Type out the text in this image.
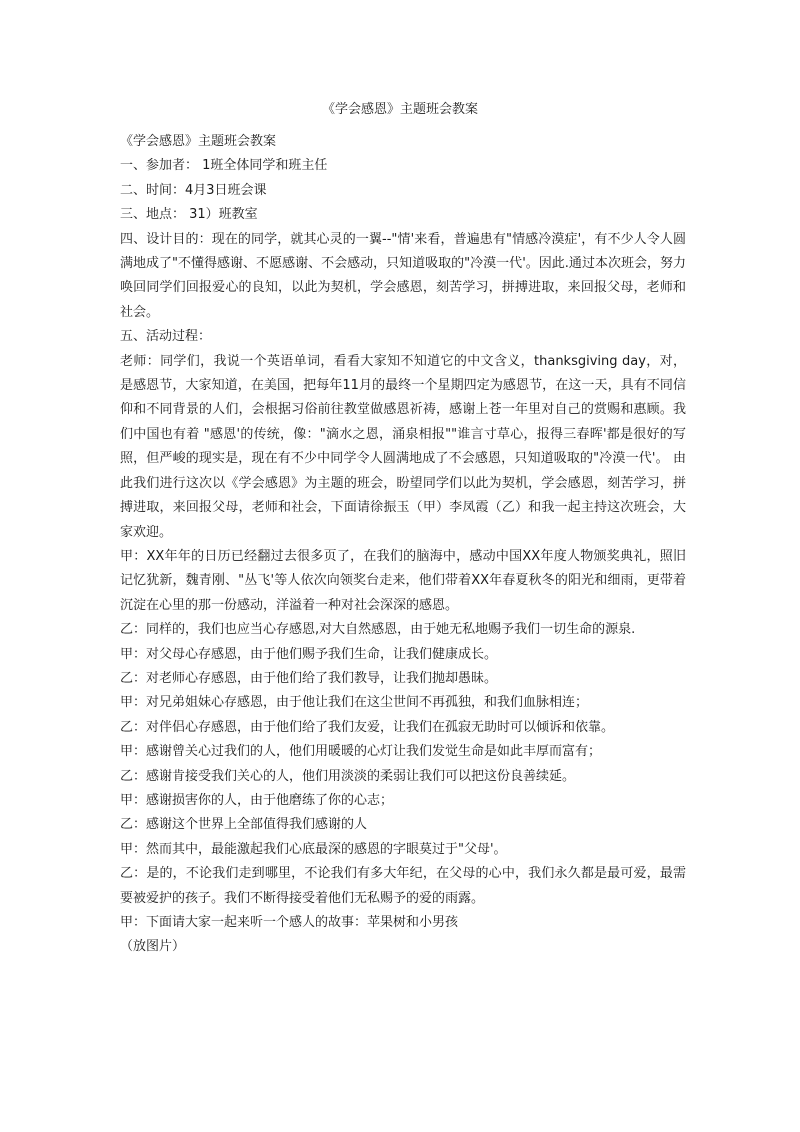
《学会感恩》主题班会教案

《学会感恩》主题班会教案

一、参加者： 1班全体同学和班主任

二、时间：4月3日班会课

三、地点： 31）班教室

四、设计目的：现在的同学，就其心灵的一翼--"情'来看，普遍患有"情感冷漠症'，有不少人令人圆满地成了"不懂得感谢、不愿感谢、不会感动，只知道吸取的"冷漠一代'。因此.通过本次班会，努力唤回同学们回报爱心的良知，以此为契机，学会感恩，刻苦学习，拼搏进取，来回报父母，老师和社会。

五、活动过程：

老师：同学们，我说一个英语单词，看看大家知不知道它的中文含义，thanksgiving day，对，是感恩节，大家知道，在美国，把每年11月的最终一个星期四定为感恩节，在这一天，具有不同信仰和不同背景的人们，会根据习俗前往教堂做感恩祈祷，感谢上苍一年里对自己的赏赐和惠顾。我们中国也有着 "感恩'的传统，像："滴水之恩，涌泉相报""谁言寸草心，报得三春晖'都是很好的写照，但严峻的现实是，现在有不少中同学令人圆满地成了不会感恩，只知道吸取的"冷漠一代'。 由此我们进行这次以《学会感恩》为主题的班会，盼望同学们以此为契机，学会感恩，刻苦学习，拼搏进取，来回报父母，老师和社会，下面请徐振玉（甲）李凤霞（乙）和我一起主持这次班会，大家欢迎。

甲：XX年年的日历已经翻过去很多页了，在我们的脑海中，感动中国XX年度人物颁奖典礼，照旧记忆犹新，魏青刚、"丛飞'等人依次向领奖台走来，他们带着XX年春夏秋冬的阳光和细雨，更带着沉淀在心里的那一份感动，洋溢着一种对社会深深的感恩。

乙：同样的，我们也应当心存感恩,对大自然感恩，由于她无私地赐予我们一切生命的源泉.

甲：对父母心存感恩，由于他们赐予我们生命，让我们健康成长。

乙：对老师心存感恩，由于他们给了我们教导，让我们抛却愚昧。

甲：对兄弟姐妹心存感恩，由于他让我们在这尘世间不再孤独，和我们血脉相连；

乙：对伴侣心存感恩，由于他们给了我们友爱，让我们在孤寂无助时可以倾诉和依靠。

甲：感谢曾关心过我们的人，他们用暖暖的心灯让我们发觉生命是如此丰厚而富有；

乙：感谢肯接受我们关心的人，他们用淡淡的柔弱让我们可以把这份良善续延。

甲：感谢损害你的人，由于他磨练了你的心志；

乙：感谢这个世界上全部值得我们感谢的人

甲：然而其中，最能激起我们心底最深的感恩的字眼莫过于"父母'。

乙：是的，不论我们走到哪里，不论我们有多大年纪，在父母的心中，我们永久都是最可爱，最需要被爱护的孩子。我们不断得接受着他们无私赐予的爱的雨露。

甲：下面请大家一起来听一个感人的故事：苹果树和小男孩

（放图片）
